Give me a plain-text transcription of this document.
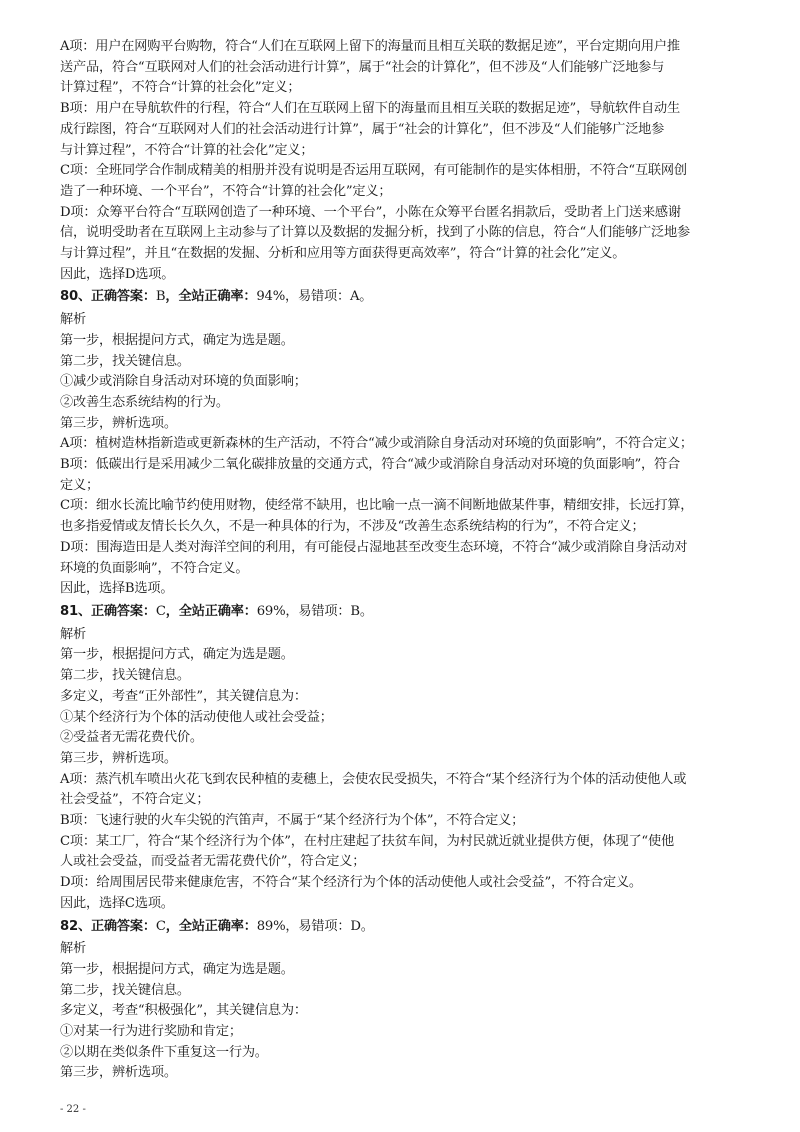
A项：用户在网购平台购物，符合“人们在互联网上留下的海量而且相互关联的数据足迹”，平台定期向用户推
送产品，符合“互联网对人们的社会活动进行计算”，属于“社会的计算化”，但不涉及“人们能够广泛地参与
计算过程”，不符合“计算的社会化”定义；
B项：用户在导航软件的行程，符合“人们在互联网上留下的海量而且相互关联的数据足迹”，导航软件自动生
成行踪图，符合“互联网对人们的社会活动进行计算”，属于“社会的计算化”，但不涉及“人们能够广泛地参
与计算过程”，不符合“计算的社会化”定义；
C项：全班同学合作制成精美的相册并没有说明是否运用互联网，有可能制作的是实体相册，不符合“互联网创
造了一种环境、一个平台”，不符合“计算的社会化”定义；
D项：众筹平台符合“互联网创造了一种环境、一个平台”，小陈在众筹平台匿名捐款后，受助者上门送来感谢
信，说明受助者在互联网上主动参与了计算以及数据的发掘分析，找到了小陈的信息，符合“人们能够广泛地参
与计算过程”，并且“在数据的发掘、分析和应用等方面获得更高效率”，符合“计算的社会化”定义。
因此，选择D选项。
80、正确答案：B，全站正确率：94%，易错项：A。
解析
第一步，根据提问方式，确定为选是题。
第二步，找关键信息。
①减少或消除自身活动对环境的负面影响；
②改善生态系统结构的行为。
第三步，辨析选项。
A项：植树造林指新造或更新森林的生产活动，不符合“减少或消除自身活动对环境的负面影响”，不符合定义；
B项：低碳出行是采用减少二氧化碳排放量的交通方式，符合“减少或消除自身活动对环境的负面影响”，符合
定义；
C项：细水长流比喻节约使用财物，使经常不缺用，也比喻一点一滴不间断地做某件事，精细安排，长远打算，
也多指爱情或友情长长久久，不是一种具体的行为，不涉及“改善生态系统结构的行为”，不符合定义；
D项：围海造田是人类对海洋空间的利用，有可能侵占湿地甚至改变生态环境，不符合“减少或消除自身活动对
环境的负面影响”，不符合定义。
因此，选择B选项。
81、正确答案：C，全站正确率：69%，易错项：B。
解析
第一步，根据提问方式，确定为选是题。
第二步，找关键信息。
多定义，考查“正外部性”，其关键信息为：
①某个经济行为个体的活动使他人或社会受益；
②受益者无需花费代价。
第三步，辨析选项。
A项：蒸汽机车喷出火花飞到农民种植的麦穗上，会使农民受损失，不符合“某个经济行为个体的活动使他人或
社会受益”，不符合定义；
B项：飞速行驶的火车尖锐的汽笛声，不属于“某个经济行为个体”，不符合定义；
C项：某工厂，符合“某个经济行为个体”，在村庄建起了扶贫车间，为村民就近就业提供方便，体现了“使他
人或社会受益，而受益者无需花费代价”，符合定义；
D项：给周围居民带来健康危害，不符合“某个经济行为个体的活动使他人或社会受益”，不符合定义。
因此，选择C选项。
82、正确答案：C，全站正确率：89%，易错项：D。
解析
第一步，根据提问方式，确定为选是题。
第二步，找关键信息。
多定义，考查“积极强化”，其关键信息为：
①对某一行为进行奖励和肯定；
②以期在类似条件下重复这一行为。
第三步，辨析选项。
- 22 -
